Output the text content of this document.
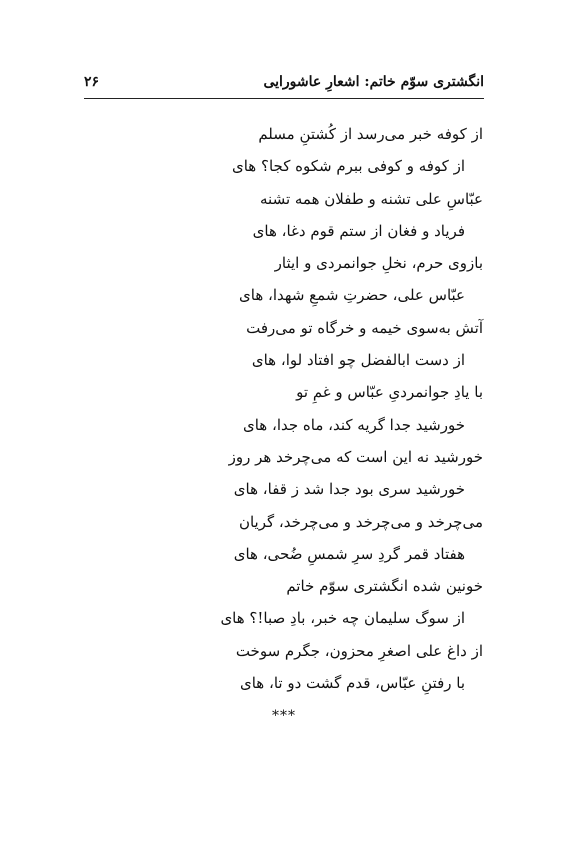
انگشتری سوّم خاتم: اشعارِ عاشورایی
۲۶
از کوفه خبر می‌رسد از کُشتنِ مسلم
از کوفه و کوفی ببرم شکوه کجا؟ های
عبّاسِ علی تشنه و طفلان همه تشنه
فریاد و فغان از ستم قوم دغا، های
بازوی حرم، نخلِ جوانمردی و ایثار
عبّاس علی، حضرتِ شمعِ شهدا، های
آتش به‌سوی خیمه و خرگاه تو می‌رفت
از دست ابالفضل چو افتاد لوا، های
با یادِ جوانمردیِ عبّاس و غمِ تو
خورشید جدا گریه کند، ماه جدا، های
خورشید نه این است که می‌چرخد هر روز
خورشید سری بود جدا شد ز قفا، های
می‌چرخد و می‌چرخد و می‌چرخد، گریان
هفتاد قمر گردِ سرِ شمسِ ضُحی، های
خونین شده انگشتری سوّم خاتم
از سوگ سلیمان چه خبر، بادِ صبا!؟ های
از داغ علی اصغرِ محزون، جگرم سوخت
با رفتنِ عبّاس، قدم گشت دو تا، های
***
